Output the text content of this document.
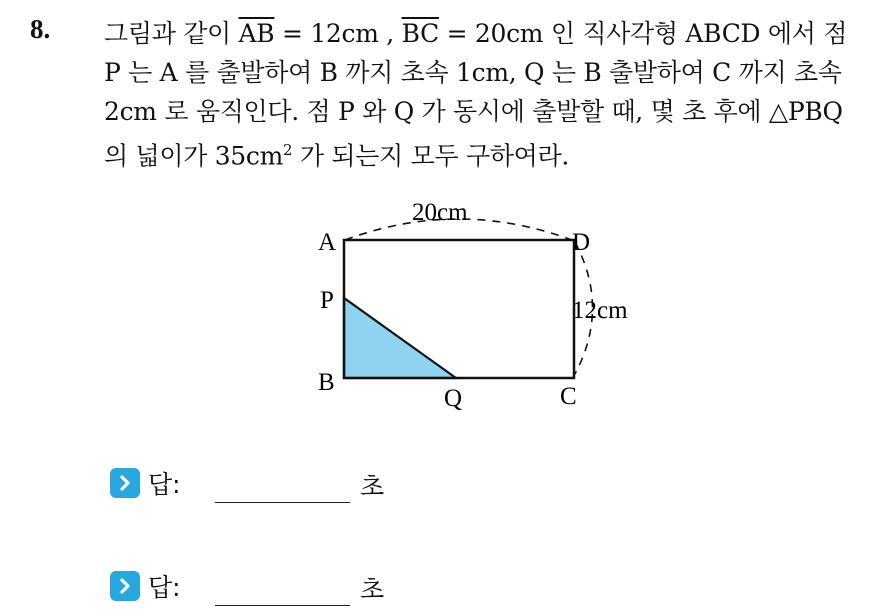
8. 그림과 같이 $\overline{AB} = 12cm$ , $\overline{BC} = 20cm$ 인 직사각형 ABCD 에서 점
P 는 A 를 출발하여 B 까지 초속 1cm, Q 는 B 출발하여 C 까지 초속
2cm 로 움직인다. 점 P 와 Q 가 동시에 출발할 때, 몇 초 후에 △PBQ
의 넓이가 $35cm^2$ 가 되는지 모두 구하여라.
A	D
P
B
Q	C
20cm
12cm
답:	초
답:	초
